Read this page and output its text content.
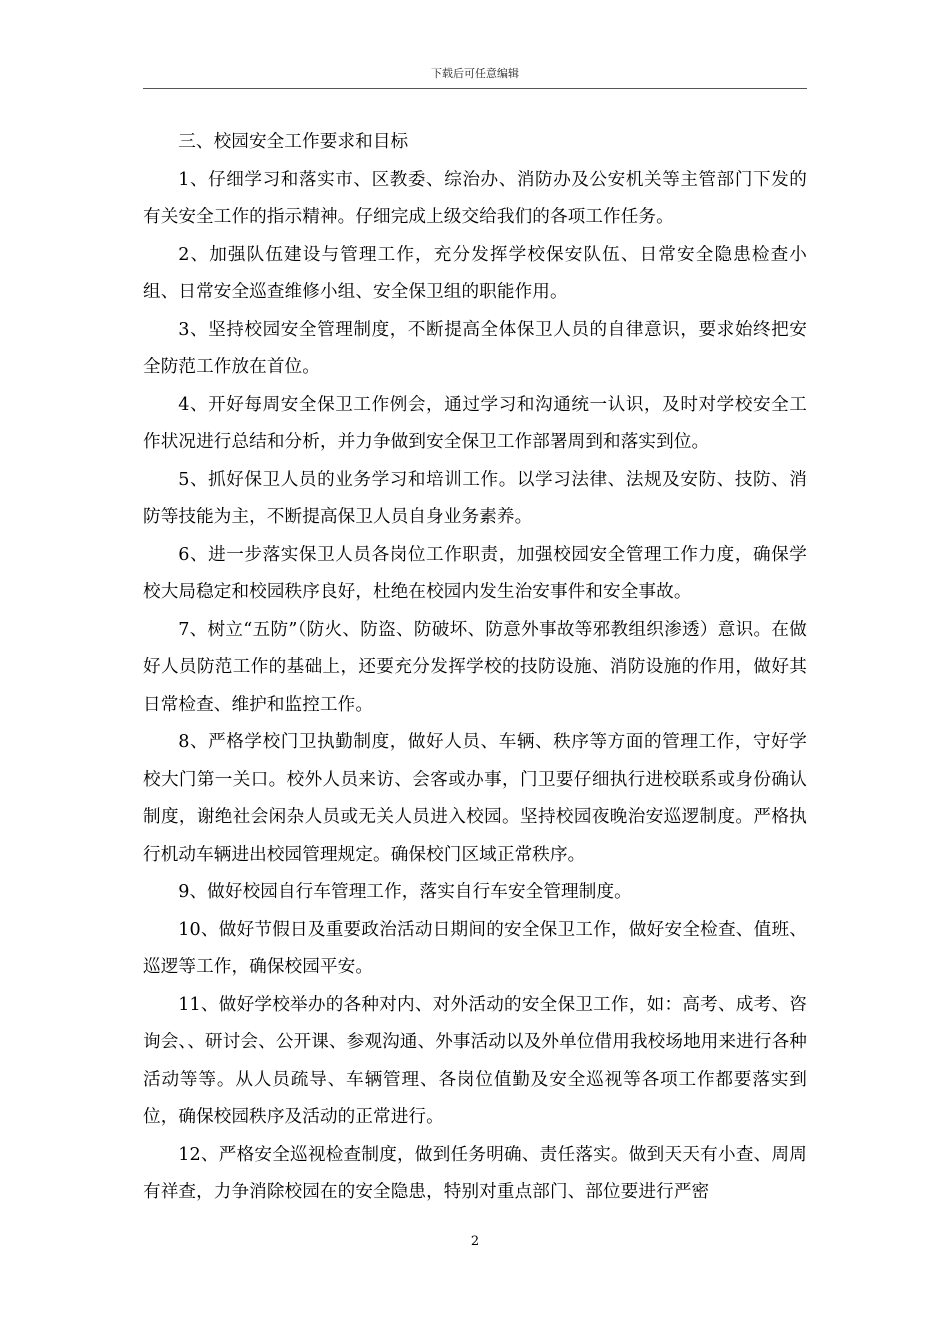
下载后可任意编辑

三、校园安全工作要求和目标

1、仔细学习和落实市、区教委、综治办、消防办及公安机关等主管部门下发的有关安全工作的指示精神。仔细完成上级交给我们的各项工作任务。

2、加强队伍建设与管理工作，充分发挥学校保安队伍、日常安全隐患检查小组、日常安全巡查维修小组、安全保卫组的职能作用。

3、坚持校园安全管理制度，不断提高全体保卫人员的自律意识，要求始终把安全防范工作放在首位。

4、开好每周安全保卫工作例会，通过学习和沟通统一认识，及时对学校安全工作状况进行总结和分析，并力争做到安全保卫工作部署周到和落实到位。

5、抓好保卫人员的业务学习和培训工作。以学习法律、法规及安防、技防、消防等技能为主，不断提高保卫人员自身业务素养。

6、进一步落实保卫人员各岗位工作职责，加强校园安全管理工作力度，确保学校大局稳定和校园秩序良好，杜绝在校园内发生治安事件和安全事故。

7、树立“五防”（防火、防盗、防破坏、防意外事故等邪教组织渗透）意识。在做好人员防范工作的基础上，还要充分发挥学校的技防设施、消防设施的作用，做好其日常检查、维护和监控工作。

8、严格学校门卫执勤制度，做好人员、车辆、秩序等方面的管理工作，守好学校大门第一关口。校外人员来访、会客或办事，门卫要仔细执行进校联系或身份确认制度，谢绝社会闲杂人员或无关人员进入校园。坚持校园夜晚治安巡逻制度。严格执行机动车辆进出校园管理规定。确保校门区域正常秩序。

9、做好校园自行车管理工作，落实自行车安全管理制度。

10、做好节假日及重要政治活动日期间的安全保卫工作，做好安全检查、值班、巡逻等工作，确保校园平安。

11、做好学校举办的各种对内、对外活动的安全保卫工作，如：高考、成考、咨询会、、研讨会、公开课、参观沟通、外事活动以及外单位借用我校场地用来进行各种活动等等。从人员疏导、车辆管理、各岗位值勤及安全巡视等各项工作都要落实到位，确保校园秩序及活动的正常进行。

12、严格安全巡视检查制度，做到任务明确、责任落实。做到天天有小查、周周有祥查，力争消除校园在的安全隐患，特别对重点部门、部位要进行严密

2
